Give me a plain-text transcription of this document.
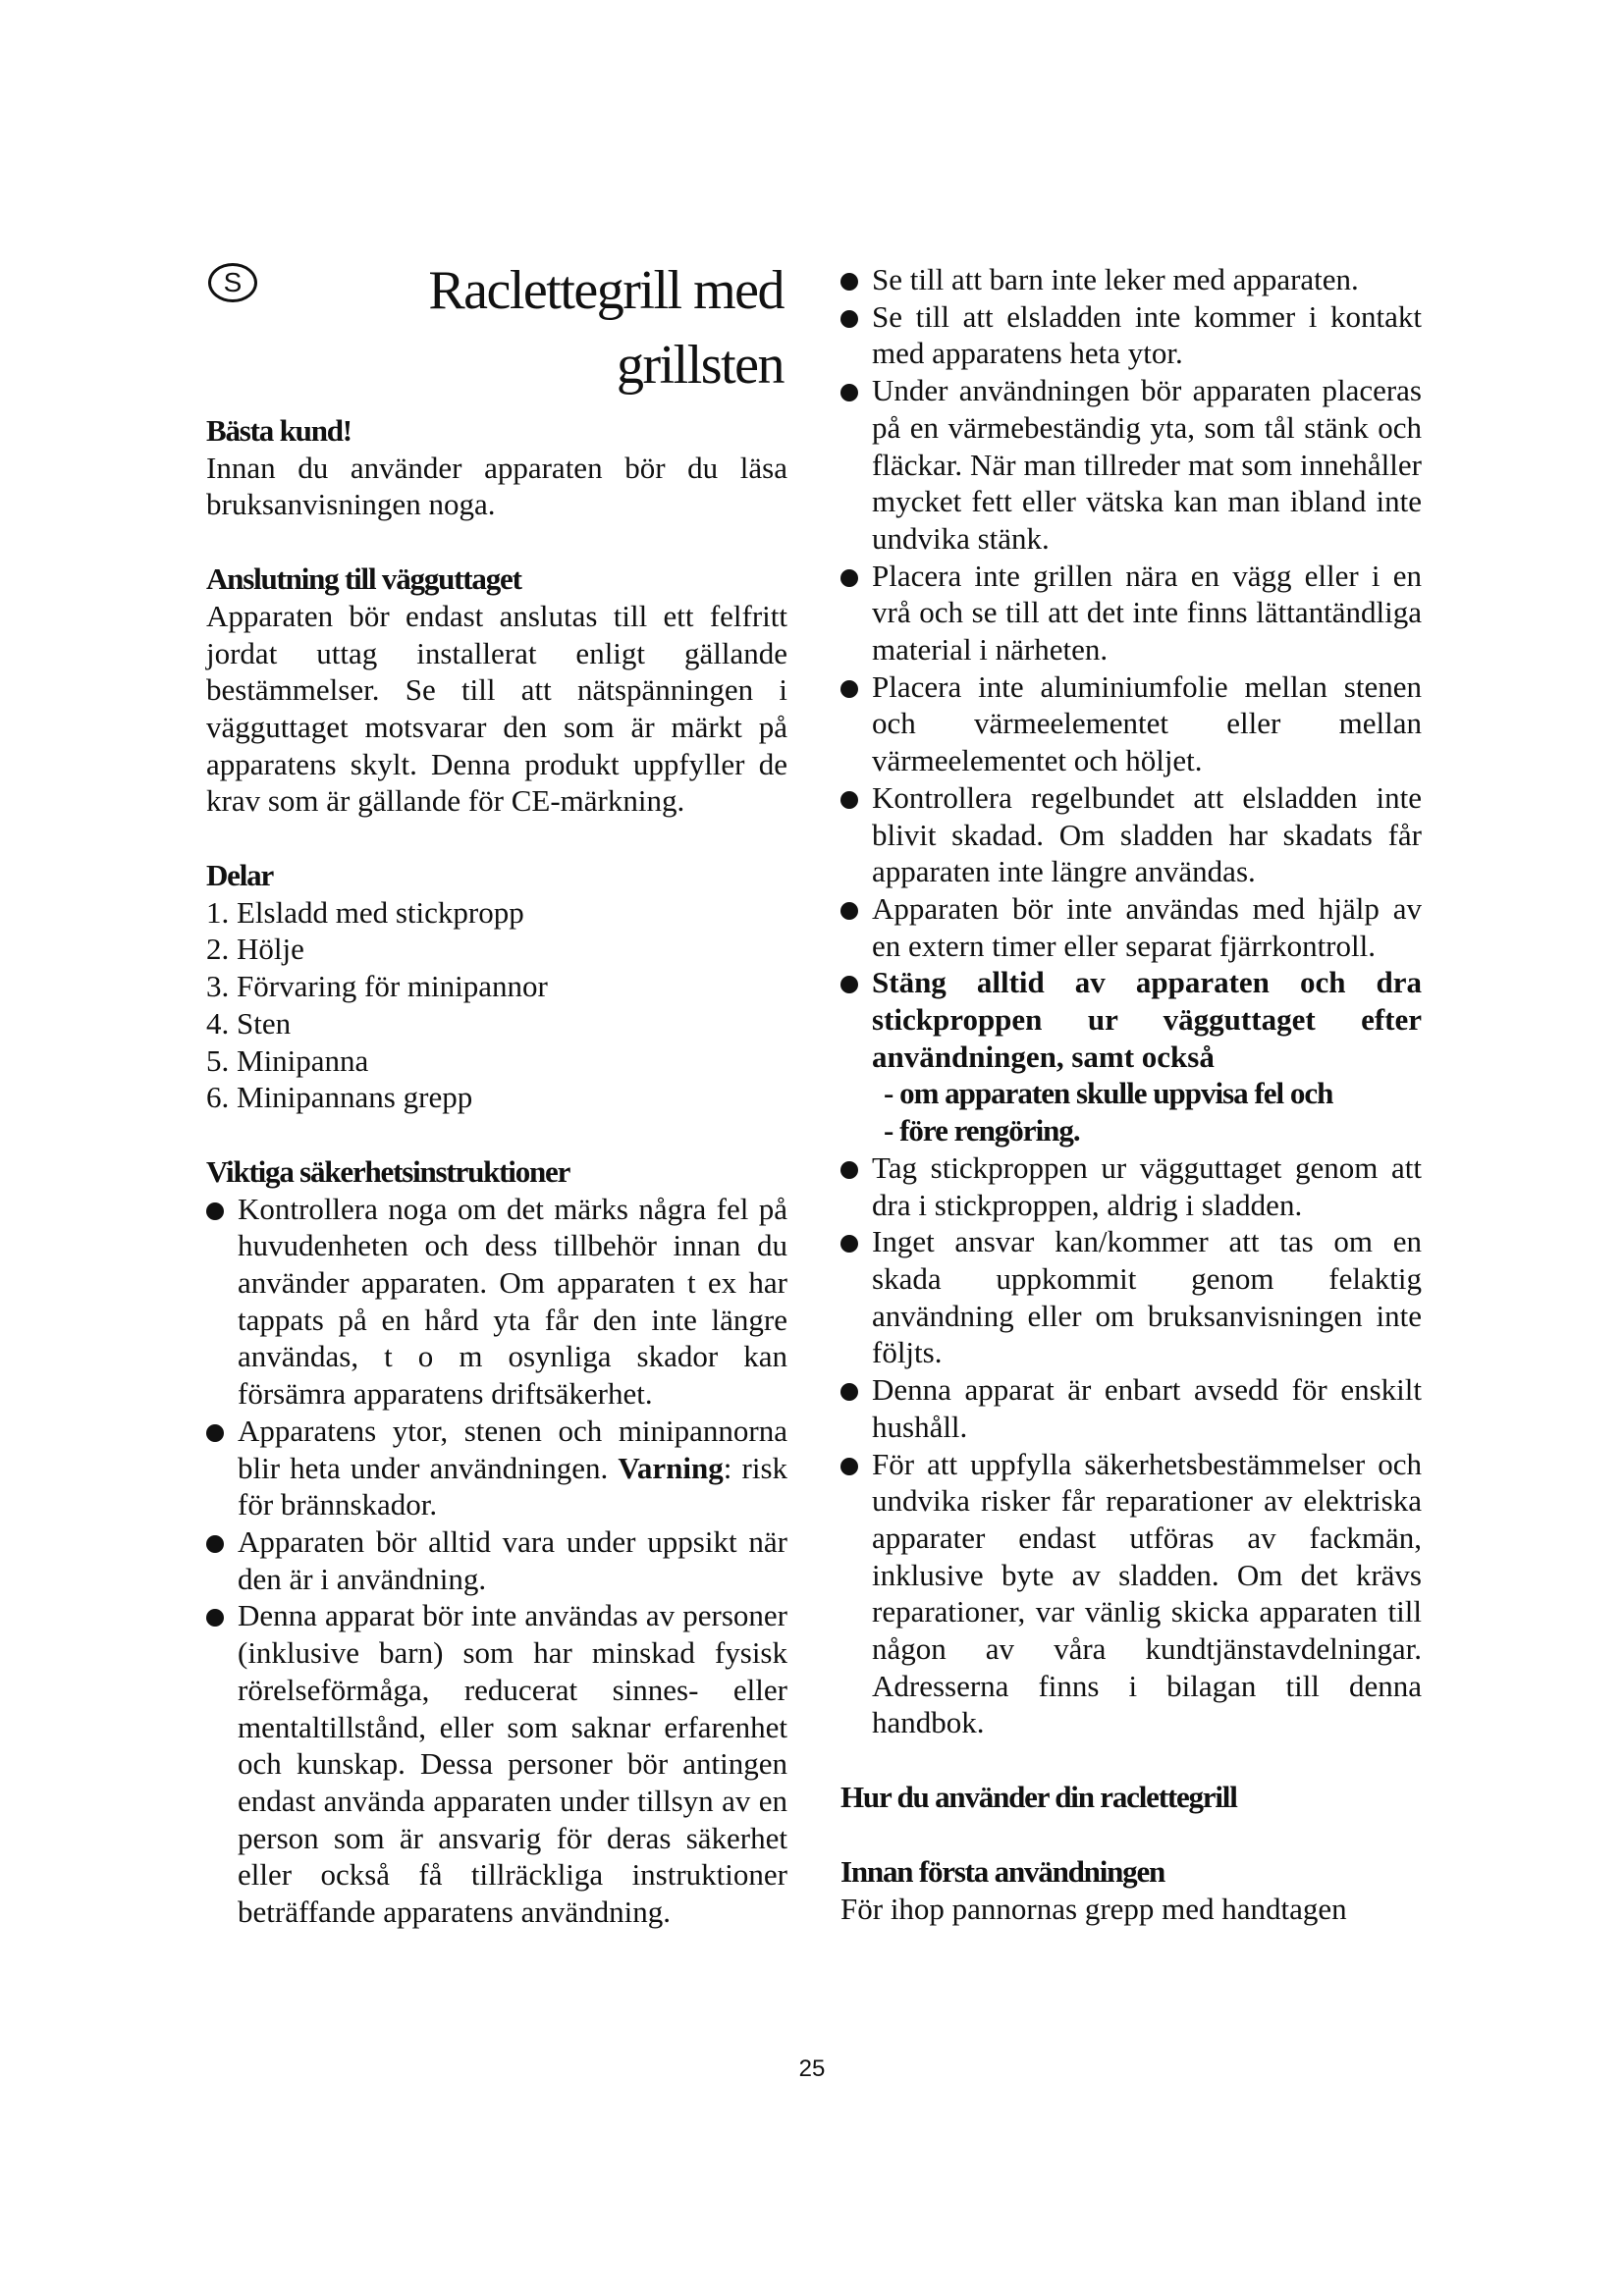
S	Raclettegrill med
grillsten

Bästa kund!

Innan du använder apparaten bör du läsa bruksanvisningen noga.

Anslutning till vägguttaget

Apparaten bör endast anslutas till ett felfritt jordat uttag installerat enligt gällande bestämmelser. Se till att nätspänningen i vägguttaget motsvarar den som är märkt på apparatens skylt. Denna produkt uppfyller de krav som är gällande för CE-märkning.

Delar

1. Elsladd med stickpropp

2. Hölje

3. Förvaring för minipannor

4. Sten

5. Minipanna

6. Minipannans grepp

Viktiga säkerhetsinstruktioner

Kontrollera noga om det märks några fel på huvudenheten och dess tillbehör innan du använder apparaten. Om apparaten t ex har tappats på en hård yta får den inte längre användas, t o m osynliga skador kan försämra apparatens driftsäkerhet.
Apparatens ytor, stenen och minipannorna blir heta under användningen. Varning: risk för brännskador.
Apparaten bör alltid vara under uppsikt när den är i användning.
Denna apparat bör inte användas av personer (inklusive barn) som har minskad fysisk rörelseförmåga, reducerat sinnes- eller mentaltillstånd, eller som saknar erfarenhet och kunskap. Dessa personer bör antingen endast använda apparaten under tillsyn av en person som är ansvarig för deras säkerhet eller också få tillräckliga instruktioner beträffande apparatens användning.
Se till att barn inte leker med apparaten.
Se till att elsladden inte kommer i kontakt med apparatens heta ytor.
Under användningen bör apparaten placeras på en värmebeständig yta, som tål stänk och fläckar. När man tillreder mat som innehåller mycket fett eller vätska kan man ibland inte undvika stänk.
Placera inte grillen nära en vägg eller i en vrå och se till att det inte finns lättantändliga material i närheten.
Placera inte aluminiumfolie mellan stenen och värmeelementet eller mellan värmeelementet och höljet.
Kontrollera regelbundet att elsladden inte blivit skadad. Om sladden har skadats får apparaten inte längre användas.
Apparaten bör inte användas med hjälp av en extern timer eller separat fjärrkontroll.
Stäng alltid av apparaten och dra stickproppen ur vägguttaget efter användningen, samt också

- om apparaten skulle uppvisa fel och

- före rengöring.

Tag stickproppen ur vägguttaget genom att dra i stickproppen, aldrig i sladden.
Inget ansvar kan/kommer att tas om en skada uppkommit genom felaktig användning eller om bruksanvisningen inte följts.
Denna apparat är enbart avsedd för enskilt hushåll.
För att uppfylla säkerhetsbestämmelser och undvika risker får reparationer av elektriska apparater endast utföras av fackmän, inklusive byte av sladden. Om det krävs reparationer, var vänlig skicka apparaten till någon av våra kundtjänstavdelningar. Adresserna finns i bilagan till denna handbok.

Hur du använder din raclettegrill

Innan första användningen

För ihop pannornas grepp med handtagen

25
